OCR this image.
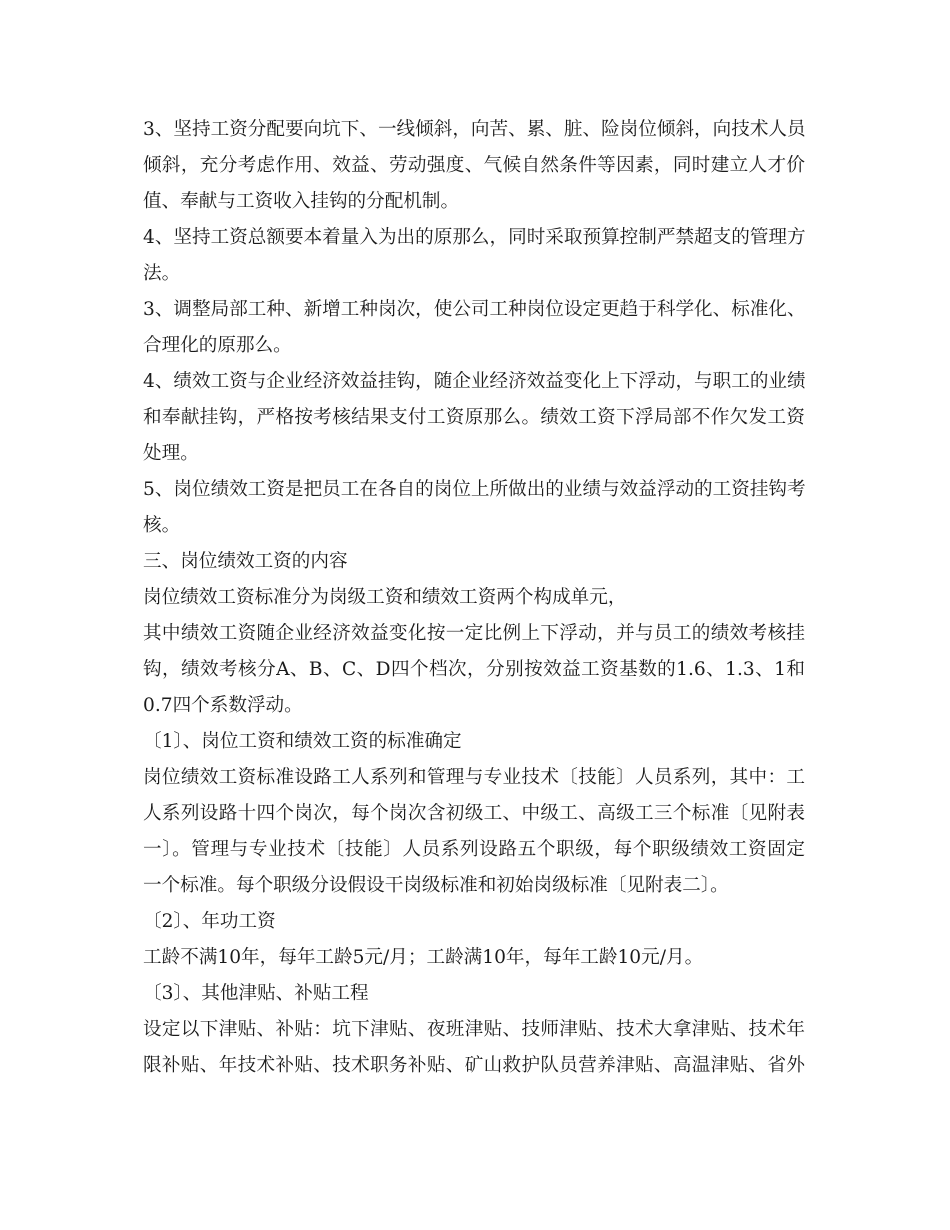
3、坚持工资分配要向坑下、一线倾斜，向苦、累、脏、险岗位倾斜，向技术人员
倾斜，充分考虑作用、效益、劳动强度、气候自然条件等因素，同时建立人才价
值、奉献与工资收入挂钩的分配机制。
4、坚持工资总额要本着量入为出的原那么，同时采取预算控制严禁超支的管理方
法。
3、调整局部工种、新增工种岗次，使公司工种岗位设定更趋于科学化、标准化、
合理化的原那么。
4、绩效工资与企业经济效益挂钩，随企业经济效益变化上下浮动，与职工的业绩
和奉献挂钩，严格按考核结果支付工资原那么。绩效工资下浮局部不作欠发工资
处理。
5、岗位绩效工资是把员工在各自的岗位上所做出的业绩与效益浮动的工资挂钩考
核。
三、岗位绩效工资的内容
岗位绩效工资标准分为岗级工资和绩效工资两个构成单元，
其中绩效工资随企业经济效益变化按一定比例上下浮动，并与员工的绩效考核挂
钩，绩效考核分A、B、C、D四个档次，分别按效益工资基数的1.6、1.3、1和
0.7四个系数浮动。
〔1〕、岗位工资和绩效工资的标准确定
岗位绩效工资标准设路工人系列和管理与专业技术〔技能〕人员系列，其中：工
人系列设路十四个岗次，每个岗次含初级工、中级工、高级工三个标准〔见附表
一〕。管理与专业技术〔技能〕人员系列设路五个职级，每个职级绩效工资固定
一个标准。每个职级分设假设干岗级标准和初始岗级标准〔见附表二〕。
〔2〕、年功工资
工龄不满10年，每年工龄5元/月；工龄满10年，每年工龄10元/月。
〔3〕、其他津贴、补贴工程
设定以下津贴、补贴：坑下津贴、夜班津贴、技师津贴、技术大拿津贴、技术年
限补贴、年技术补贴、技术职务补贴、矿山救护队员营养津贴、高温津贴、省外
